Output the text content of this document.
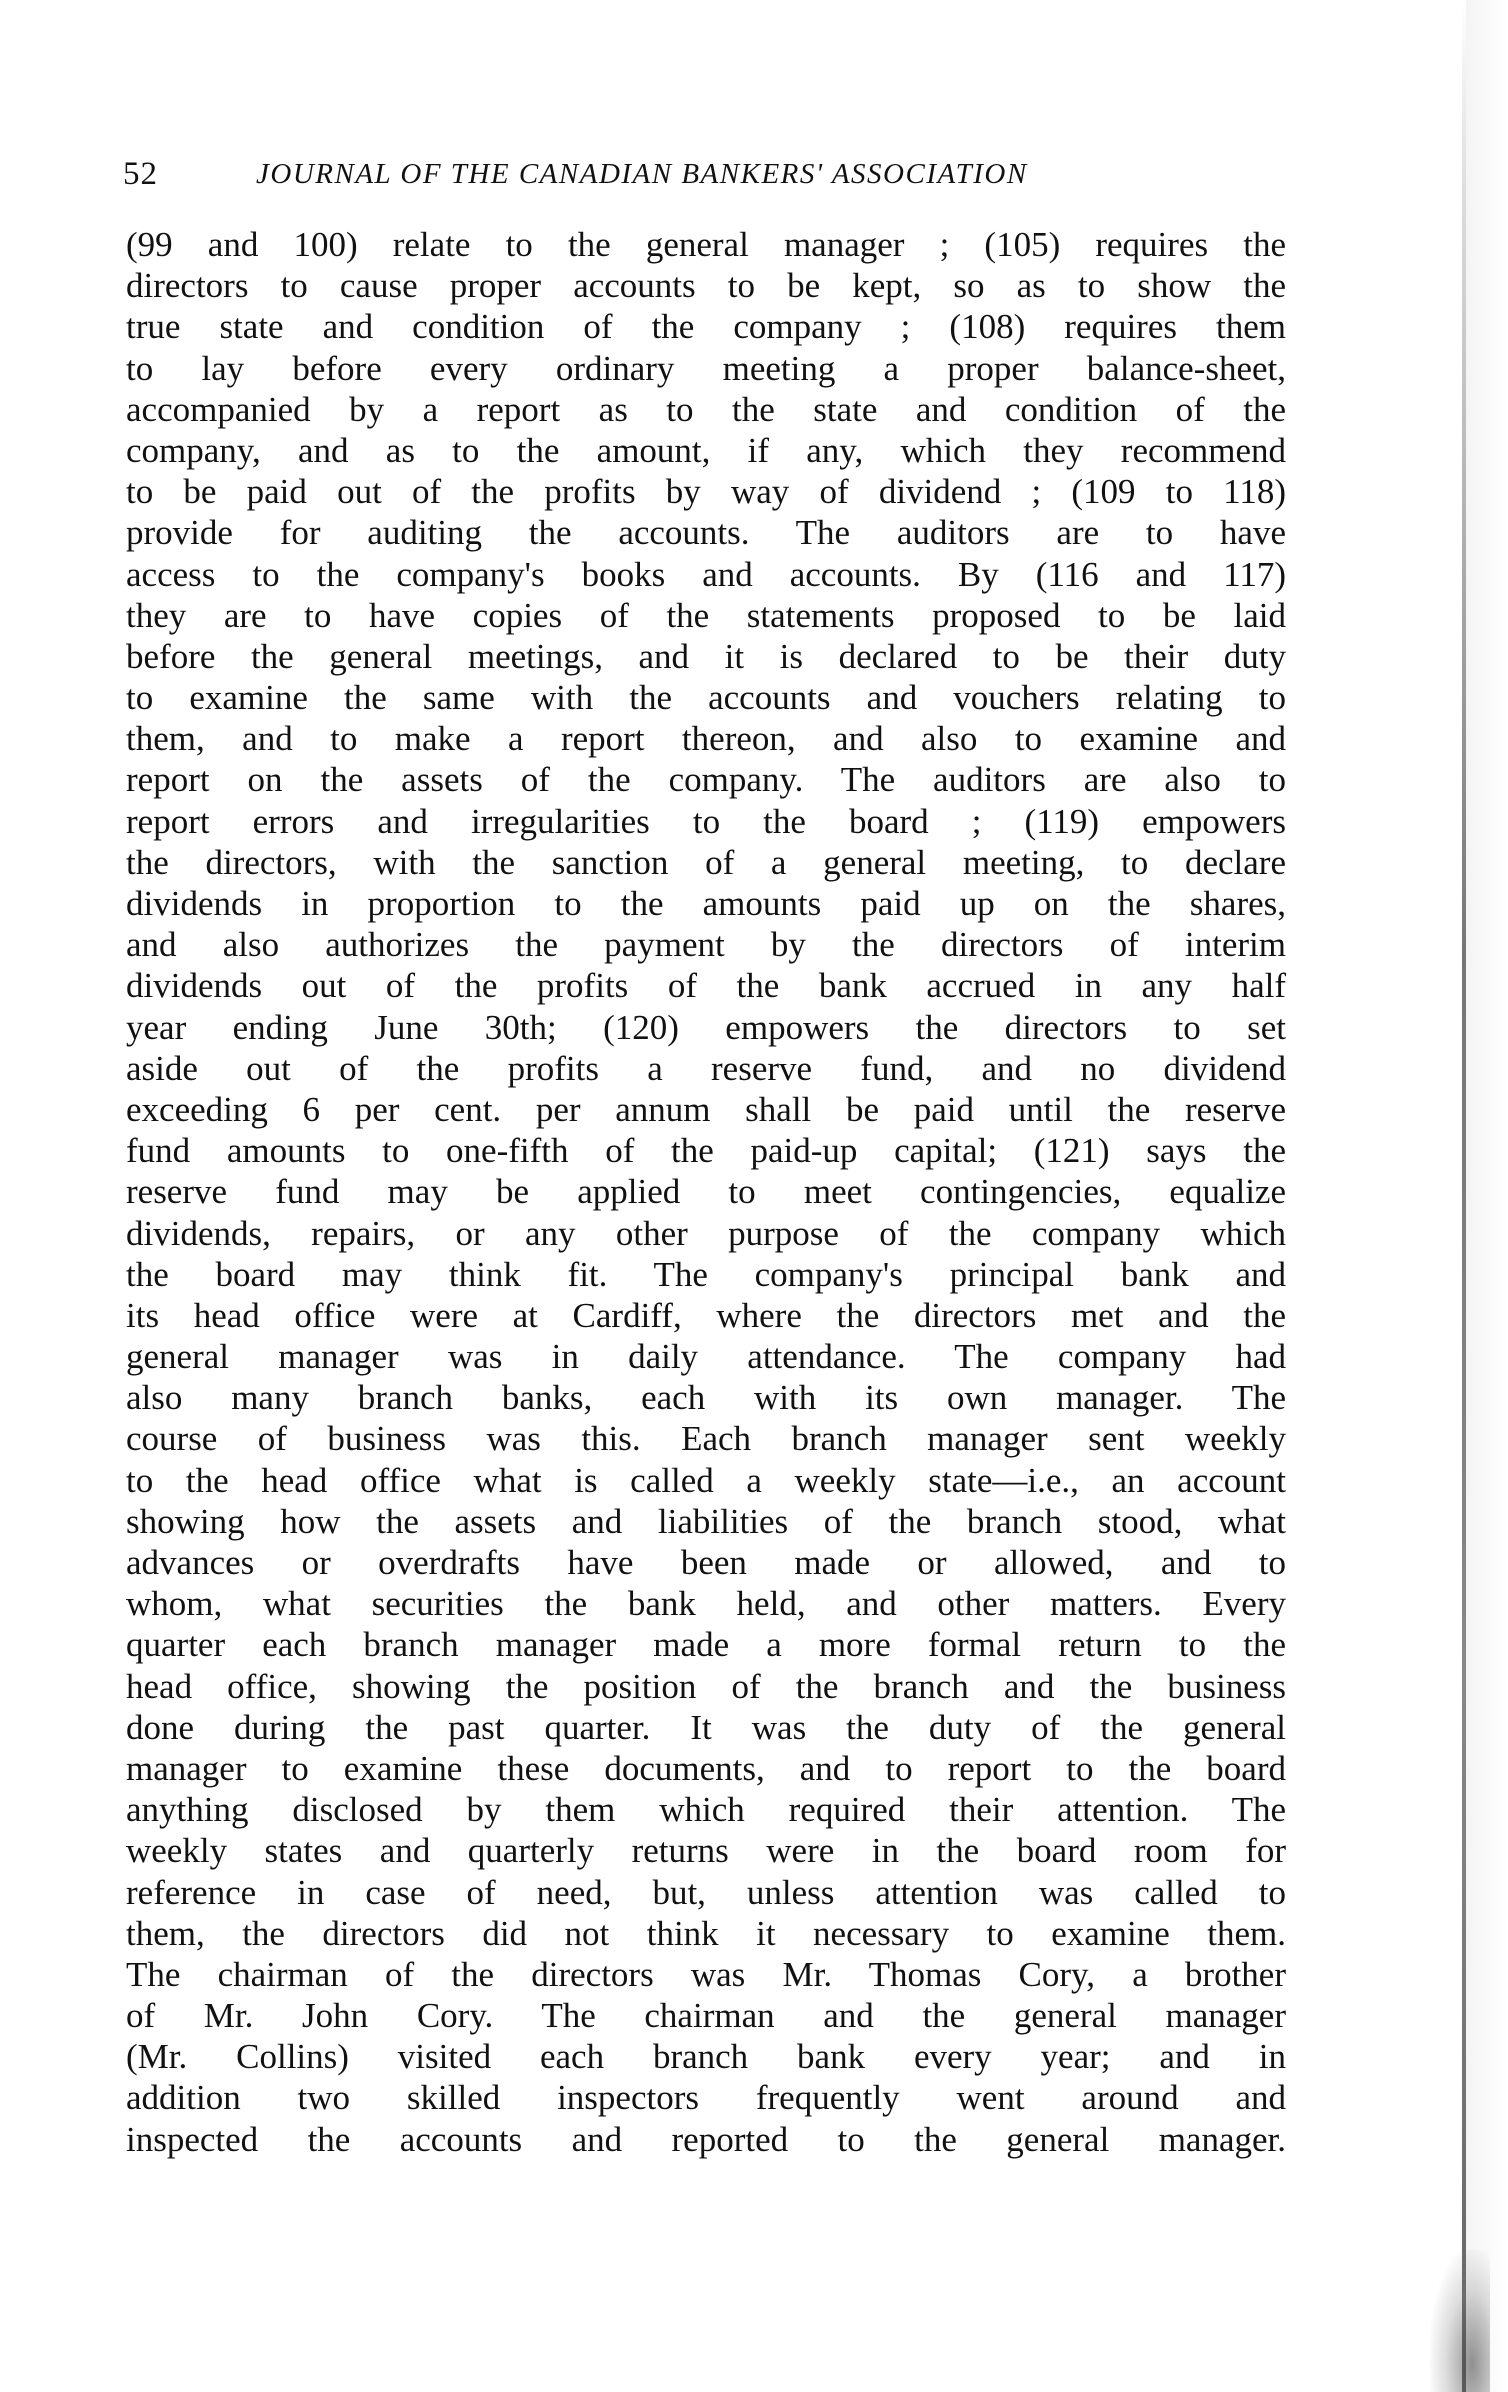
52	JOURNAL OF THE CANADIAN BANKERS' ASSOCIATION
(99 and 100) relate to the general manager ; (105) requires the
directors to cause proper accounts to be kept, so as to show the
true state and condition of the company ; (108) requires them
to lay before every ordinary meeting a proper balance-sheet,
accompanied by a report as to the state and condition of the
company, and as to the amount, if any, which they recommend
to be paid out of the profits by way of dividend ; (109 to 118)
provide for auditing the accounts. The auditors are to have
access to the company's books and accounts. By (116 and 117)
they are to have copies of the statements proposed to be laid
before the general meetings, and it is declared to be their duty
to examine the same with the accounts and vouchers relating to
them, and to make a report thereon, and also to examine and
report on the assets of the company. The auditors are also to
report errors and irregularities to the board ; (119) empowers
the directors, with the sanction of a general meeting, to declare
dividends in proportion to the amounts paid up on the shares,
and also authorizes the payment by the directors of interim
dividends out of the profits of the bank accrued in any half
year ending June 30th; (120) empowers the directors to set
aside out of the profits a reserve fund, and no dividend
exceeding 6 per cent. per annum shall be paid until the reserve
fund amounts to one-fifth of the paid-up capital; (121) says the
reserve fund may be applied to meet contingencies, equalize
dividends, repairs, or any other purpose of the company which
the board may think fit. The company's principal bank and
its head office were at Cardiff, where the directors met and the
general manager was in daily attendance. The company had
also many branch banks, each with its own manager. The
course of business was this. Each branch manager sent weekly
to the head office what is called a weekly state—i.e., an account
showing how the assets and liabilities of the branch stood, what
advances or overdrafts have been made or allowed, and to
whom, what securities the bank held, and other matters. Every
quarter each branch manager made a more formal return to the
head office, showing the position of the branch and the business
done during the past quarter. It was the duty of the general
manager to examine these documents, and to report to the board
anything disclosed by them which required their attention. The
weekly states and quarterly returns were in the board room for
reference in case of need, but, unless attention was called to
them, the directors did not think it necessary to examine them.
The chairman of the directors was Mr. Thomas Cory, a brother
of Mr. John Cory. The chairman and the general manager
(Mr. Collins) visited each branch bank every year; and in
addition two skilled inspectors frequently went around and
inspected the accounts and reported to the general manager.
